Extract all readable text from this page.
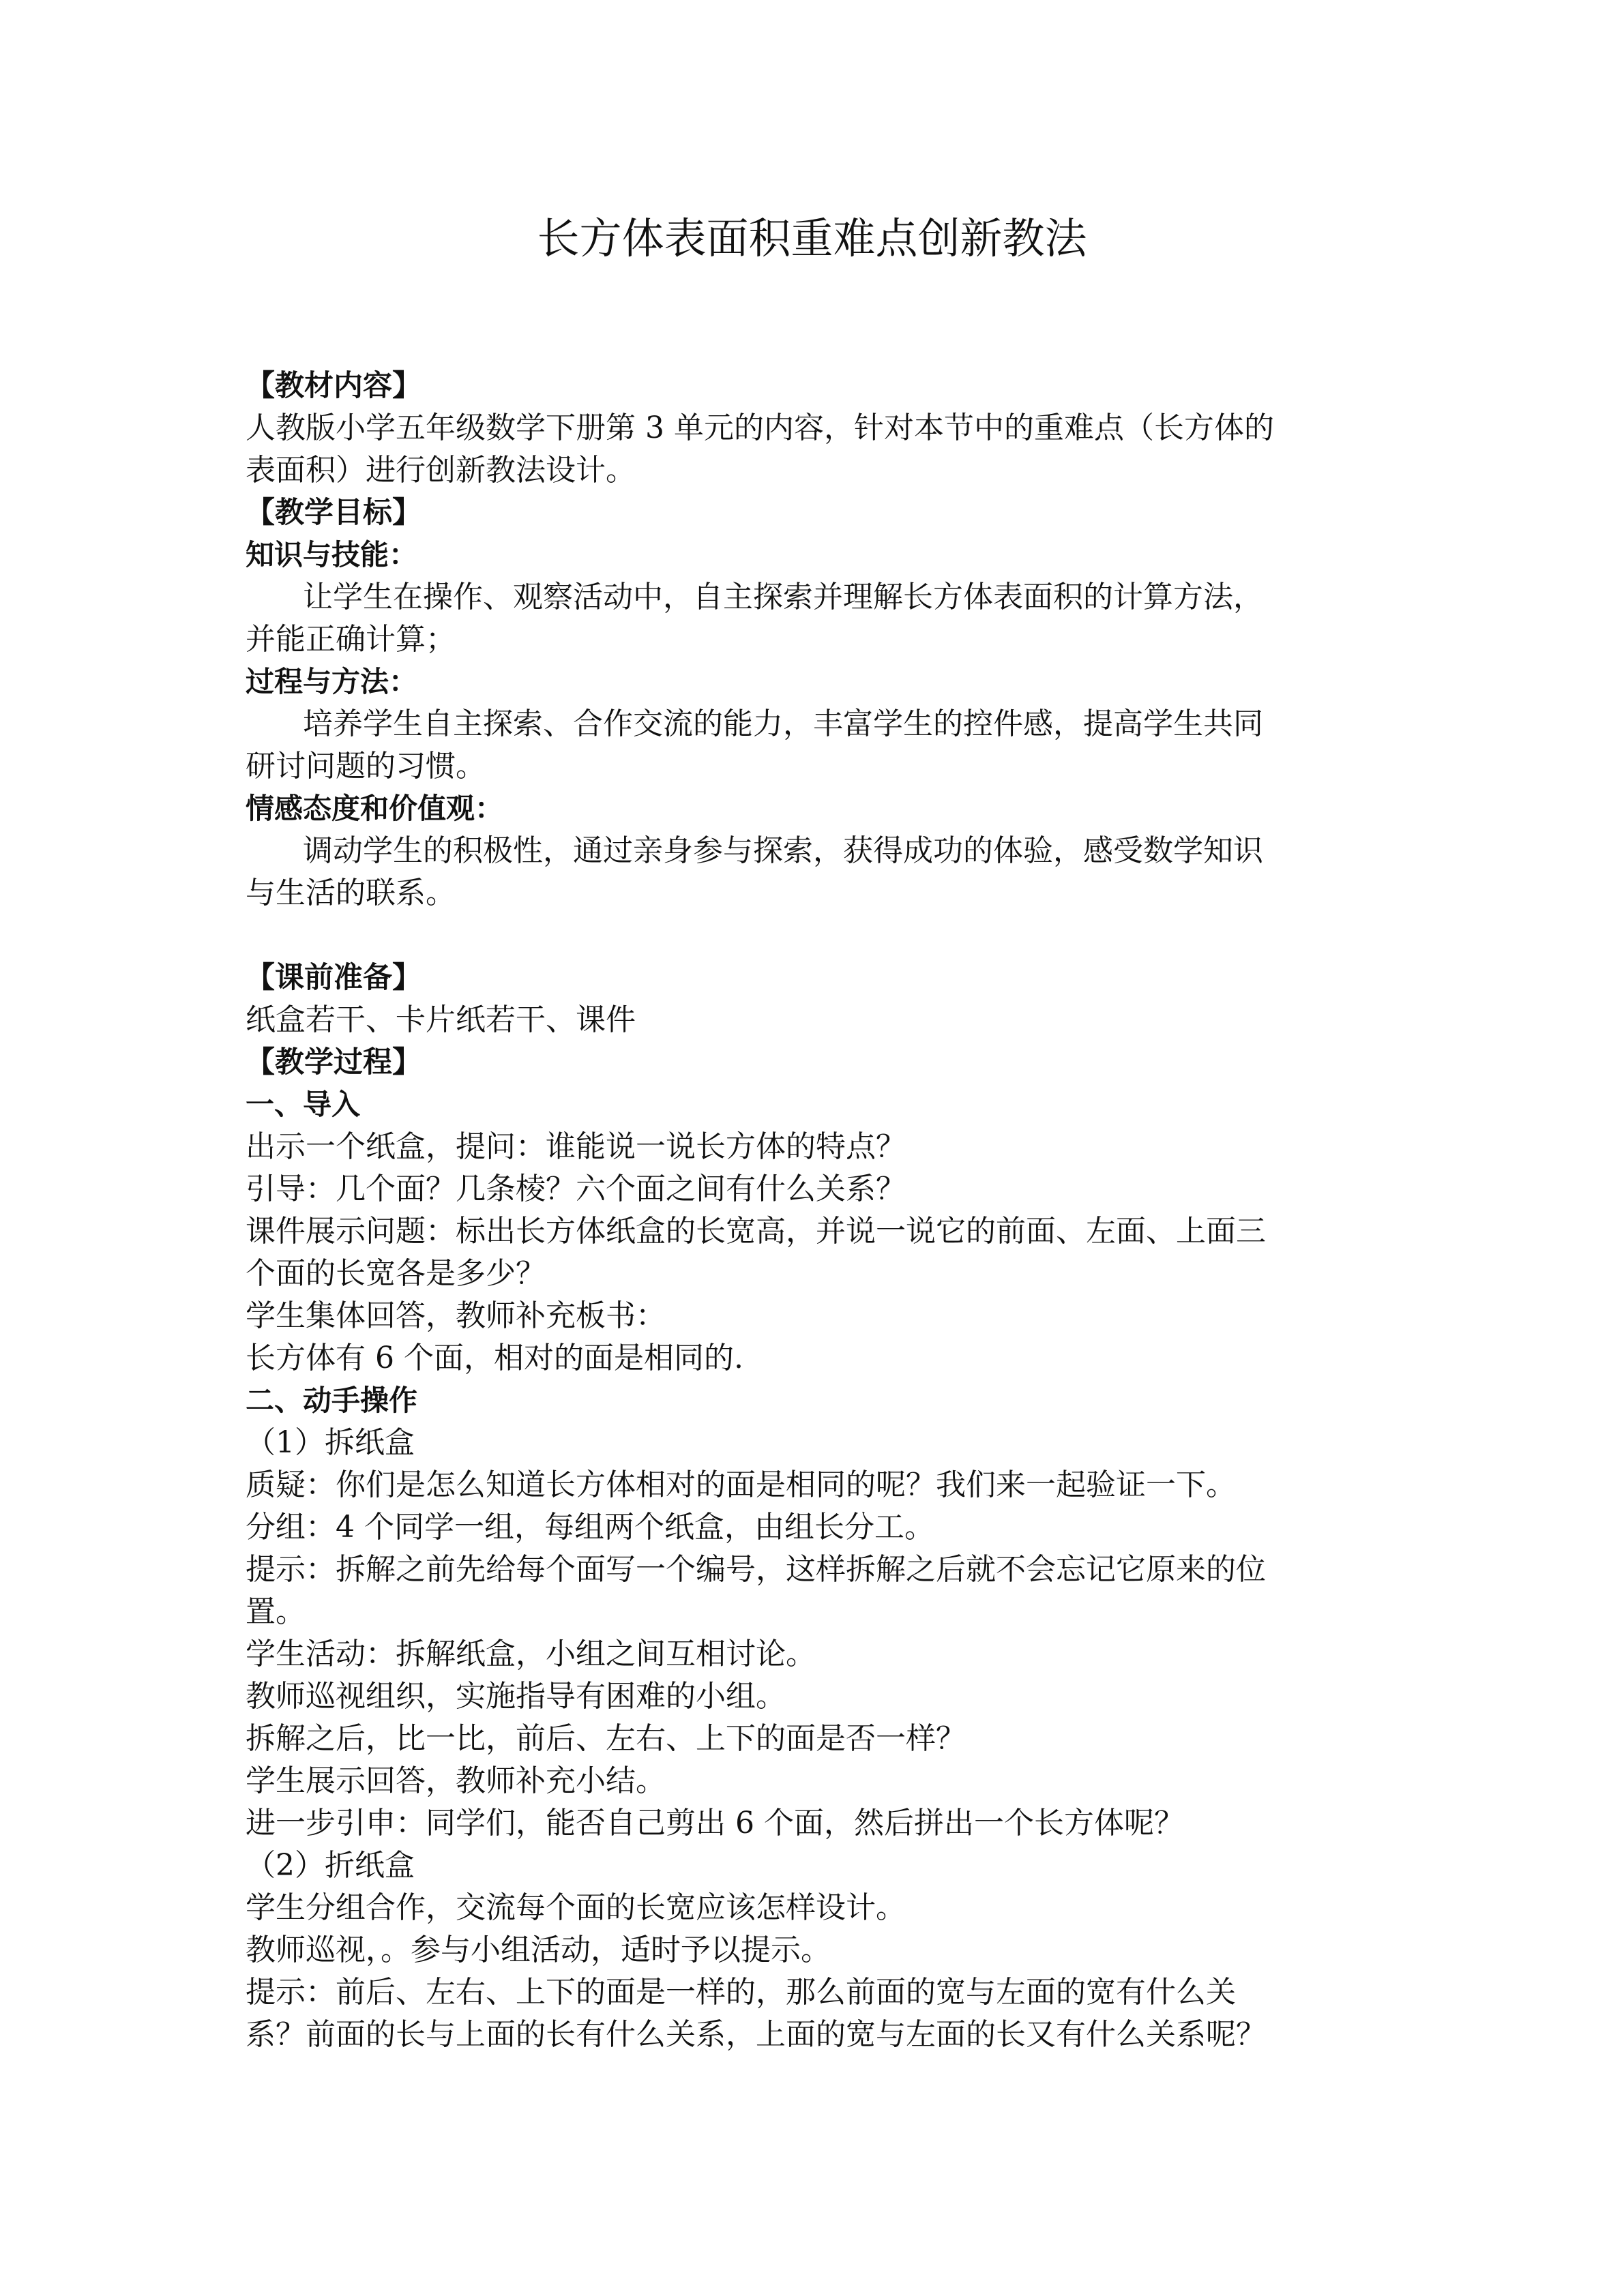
长方体表面积重难点创新教法
【教材内容】
人教版小学五年级数学下册第 3 单元的内容，针对本节中的重难点（长方体的
表面积）进行创新教法设计。
【教学目标】
知识与技能：
让学生在操作、观察活动中，自主探索并理解长方体表面积的计算方法，
并能正确计算；
过程与方法：
培养学生自主探索、合作交流的能力，丰富学生的控件感，提高学生共同
研讨问题的习惯。
情感态度和价值观：
调动学生的积极性，通过亲身参与探索，获得成功的体验，感受数学知识
与生活的联系。
【课前准备】
纸盒若干、卡片纸若干、课件
【教学过程】
一、导入
出示一个纸盒，提问：谁能说一说长方体的特点？
引导：几个面？几条棱？六个面之间有什么关系？
课件展示问题：标出长方体纸盒的长宽高，并说一说它的前面、左面、上面三
个面的长宽各是多少？
学生集体回答，教师补充板书：
长方体有 6 个面，相对的面是相同的.
二、动手操作
（1）拆纸盒
质疑：你们是怎么知道长方体相对的面是相同的呢？我们来一起验证一下。
分组：4 个同学一组，每组两个纸盒，由组长分工。
提示：拆解之前先给每个面写一个编号，这样拆解之后就不会忘记它原来的位
置。
学生活动：拆解纸盒，小组之间互相讨论。
教师巡视组织，实施指导有困难的小组。
拆解之后，比一比，前后、左右、上下的面是否一样？
学生展示回答，教师补充小结。
进一步引申：同学们，能否自己剪出 6 个面，然后拼出一个长方体呢？
（2）折纸盒
学生分组合作，交流每个面的长宽应该怎样设计。
教师巡视，。参与小组活动，适时予以提示。
提示：前后、左右、上下的面是一样的，那么前面的宽与左面的宽有什么关
系？前面的长与上面的长有什么关系，上面的宽与左面的长又有什么关系呢？
